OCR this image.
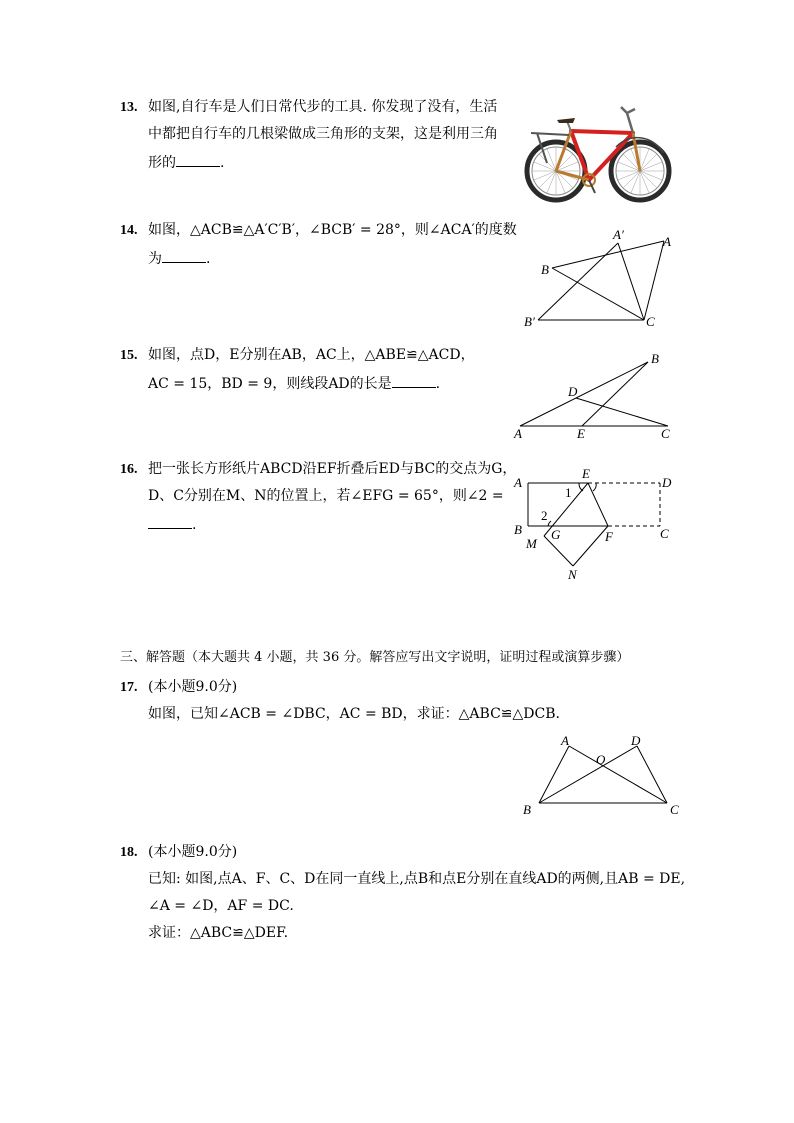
13. 如图,自行车是人们日常代步的工具. 你发现了没有，生活
中都把自行车的几根梁做成三角形的支架，这是利用三角
形的	.
14. 如图，△ACB≌△A′C′B′，∠BCB′ = 28°，则∠ACA′的度数
为	.
A′	A
B
B′	C
15. 如图，点D，E分别在AB，AC上，△ABE≌△ACD，
AC = 15，BD = 9，则线段AD的长是	.
B
D
A	E	C
16. 把一张长方形纸片ABCD沿EF折叠后ED与BC的交点为G，
D、C分别在M、N的位置上，若∠EFG = 65°，则∠2 =
.
A
E
D
1
2
B G	F	C
M
N
三、解答题（本大题共 4 小题，共 36 分。解答应写出文字说明，证明过程或演算步骤）
17. (本小题9.0分)
如图，已知∠ACB = ∠DBC，AC = BD，求证：△ABC≌△DCB.
A	D
O
B	C
18. (本小题9.0分)
已知: 如图,点A、F、C、D在同一直线上,点B和点E分别在直线AD的两侧,且AB = DE,
∠A = ∠D，AF = DC.
求证：△ABC≌△DEF.
